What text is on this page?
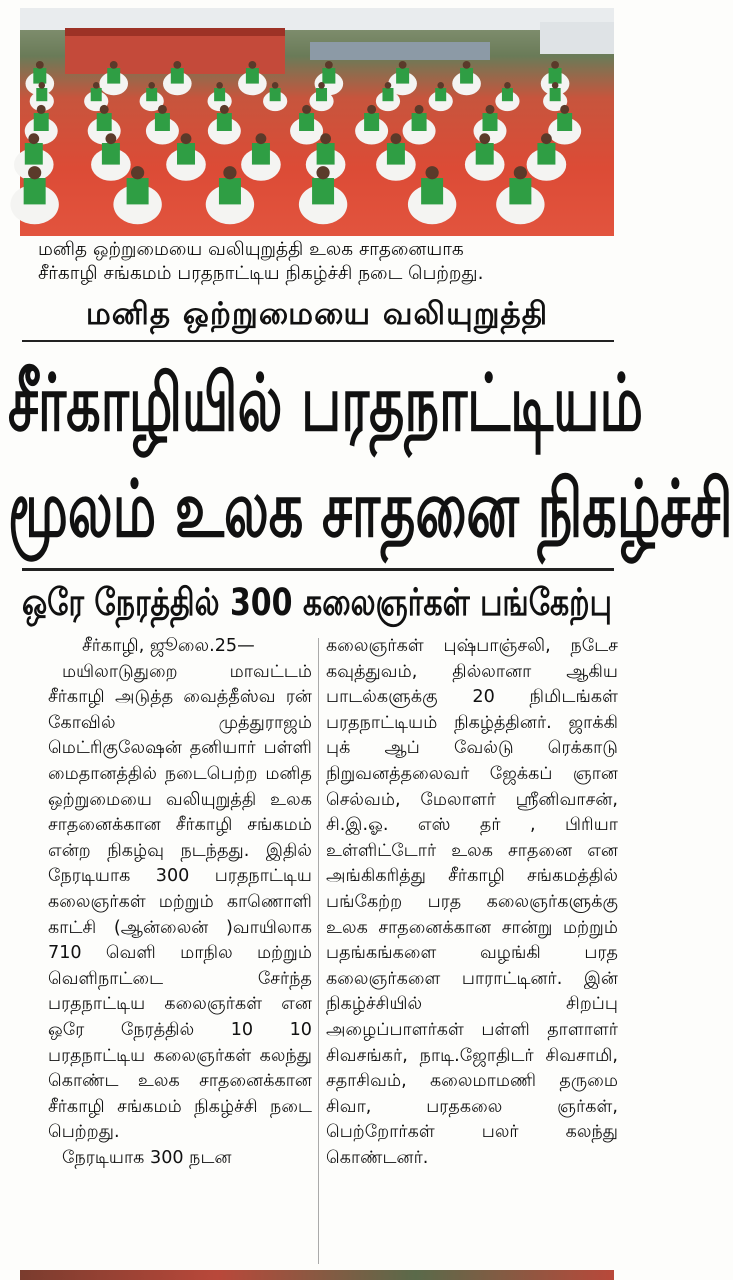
மனித ஒற்றுமையை வலியுறுத்தி உலக சாதனையாக
சீர்காழி சங்கமம் பரதநாட்டிய நிகழ்ச்சி நடை பெற்றது.
மனித ஒற்றுமையை வலியுறுத்தி
சீர்காழியில் பரதநாட்டியம்
மூலம் உலக சாதனை நிகழ்ச்சி
ஒரே நேரத்தில் 300 கலைஞர்கள் பங்கேற்பு

சீர்காழி, ஜூலை.25—

மயிலாடுதுறை மாவட்டம் சீர்காழி அடுத்த வைத்தீஸ்வ ரன் கோவில் முத்துராஜம் மெட்ரிகுலேஷன் தனியார் பள்ளி மைதானத்தில் நடைபெற்ற மனித ஒற்றுமையை வலியுறுத்தி உலக சாதனைக்கான சீர்காழி சங்கமம் என்ற நிகழ்வு நடந்தது. இதில் நேரடியாக 300 பரதநாட்டிய கலைஞர்கள் மற்றும் காணொளி காட்சி (ஆன்லைன் )வாயிலாக 710 வெளி மாநில மற்றும் வெளிநாட்டை சேர்ந்த பரதநாட்டிய கலைஞர்கள் என ஒரே நேரத்தில் 10 10 பரதநாட்டிய கலைஞர்கள் கலந்து கொண்ட உலக சாதனைக்கான சீர்காழி சங்கமம் நிகழ்ச்சி நடை பெற்றது.

நேரடியாக 300 நடன

கலைஞர்கள் புஷ்பாஞ்சலி, நடேச கவுத்துவம், தில்லானா ஆகிய பாடல்களுக்கு 20 நிமிடங்கள் பரதநாட்டியம் நிகழ்த்தினர். ஜாக்கி புக் ஆப் வேல்டு ரெக்காடு நிறுவனத்தலைவர் ஜேக்கப் ஞான செல்வம், மேலாளர் ஸ்ரீனிவாசன், சி.இ.ஓ. எஸ் தர் , பிரியா உள்ளிட்டோர் உலக சாதனை என அங்கிகரித்து சீர்காழி சங்கமத்தில் பங்கேற்ற பரத கலைஞர்களுக்கு உலக சாதனைக்கான சான்று மற்றும் பதங்கங்களை வழங்கி பரத கலைஞர்களை பாராட்டினர். இன் நிகழ்ச்சியில் சிறப்பு அழைப்பாளர்கள் பள்ளி தாளாளர் சிவசங்கர், நாடி.ஜோதிடர் சிவசாமி, சதாசிவம், கலைமாமணி தருமை சிவா, பரதகலை ஞர்கள், பெற்றோர்கள் பலர் கலந்து கொண்டனர்.
